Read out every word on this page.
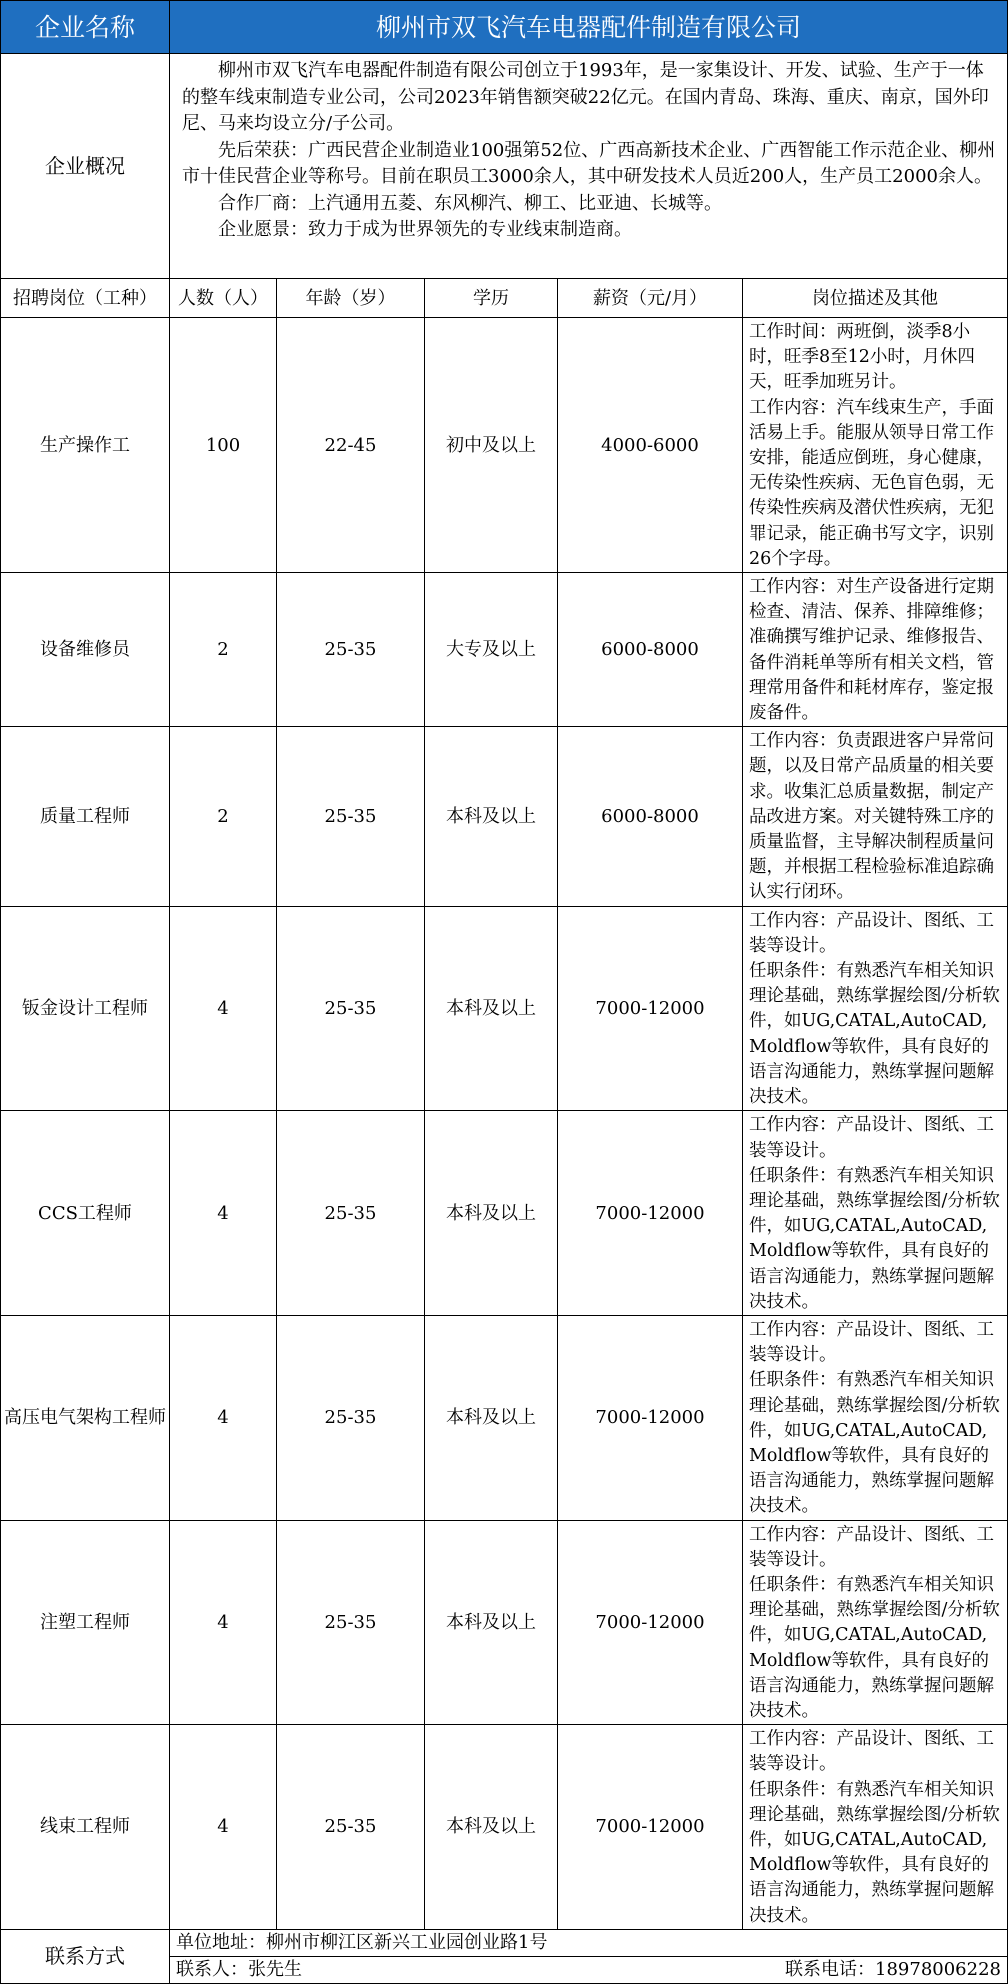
企业名称	柳州市双飞汽车电器配件制造有限公司				
企业概况	柳州市双飞汽车电器配件制造有限公司创立于1993年，是一家集设计、开发、试验、生产于一体的整车线束制造专业公司，公司2023年销售额突破22亿元。在国内青岛、珠海、重庆、南京，国外印尼、马来均设立分/子公司。

先后荣获：广西民营企业制造业100强第52位、广西高新技术企业、广西智能工作示范企业、柳州市十佳民营企业等称号。目前在职员工3000余人，其中研发技术人员近200人，生产员工2000余人。

合作厂商：上汽通用五菱、东风柳汽、柳工、比亚迪、长城等。

企业愿景：致力于成为世界领先的专业线束制造商。				

招聘岗位（工种）	人数（人）	年龄（岁）	学历	薪资（元/月）	岗位描述及其他
生产操作工	100	22-45	初中及以上	4000-6000	工作时间：两班倒，淡季8小时，旺季8至12小时，月休四天，旺季加班另计。
工作内容：汽车线束生产，手面活易上手。能服从领导日常工作安排，能适应倒班，身心健康，无传染性疾病、无色盲色弱，无传染性疾病及潜伏性疾病，无犯罪记录，能正确书写文字，识别26个字母。

设备维修员	2	25-35	大专及以上	6000-8000	工作内容：对生产设备进行定期检查、清洁、保养、排障维修；准确撰写维护记录、维修报告、备件消耗单等所有相关文档，管理常用备件和耗材库存，鉴定报废备件。

质量工程师	2	25-35	本科及以上	6000-8000	工作内容：负责跟进客户异常问题，以及日常产品质量的相关要求。收集汇总质量数据，制定产品改进方案。对关键特殊工序的质量监督，主导解决制程质量问题，并根据工程检验标准追踪确认实行闭环。

钣金设计工程师	4	25-35	本科及以上	7000-12000	工作内容：产品设计、图纸、工装等设计。
任职条件：有熟悉汽车相关知识理论基础，熟练掌握绘图/分析软件，如UG,CATAL,AutoCAD, Moldflow等软件，具有良好的语言沟通能力，熟练掌握问题解决技术。

CCS工程师	4	25-35	本科及以上	7000-12000	工作内容：产品设计、图纸、工装等设计。
任职条件：有熟悉汽车相关知识理论基础，熟练掌握绘图/分析软件，如UG,CATAL,AutoCAD, Moldflow等软件，具有良好的语言沟通能力，熟练掌握问题解决技术。

高压电气架构工程师	4	25-35	本科及以上	7000-12000	工作内容：产品设计、图纸、工装等设计。
任职条件：有熟悉汽车相关知识理论基础，熟练掌握绘图/分析软件，如UG,CATAL,AutoCAD, Moldflow等软件，具有良好的语言沟通能力，熟练掌握问题解决技术。

注塑工程师	4	25-35	本科及以上	7000-12000	工作内容：产品设计、图纸、工装等设计。
任职条件：有熟悉汽车相关知识理论基础，熟练掌握绘图/分析软件，如UG,CATAL,AutoCAD, Moldflow等软件，具有良好的语言沟通能力，熟练掌握问题解决技术。

线束工程师	4	25-35	本科及以上	7000-12000	工作内容：产品设计、图纸、工装等设计。
任职条件：有熟悉汽车相关知识理论基础，熟练掌握绘图/分析软件，如UG,CATAL,AutoCAD, Moldflow等软件，具有良好的语言沟通能力，熟练掌握问题解决技术。

联系方式	单位地址：柳州市柳江区新兴工业园创业路1号				

	联系人：张先生 联系电话：18978006228				
